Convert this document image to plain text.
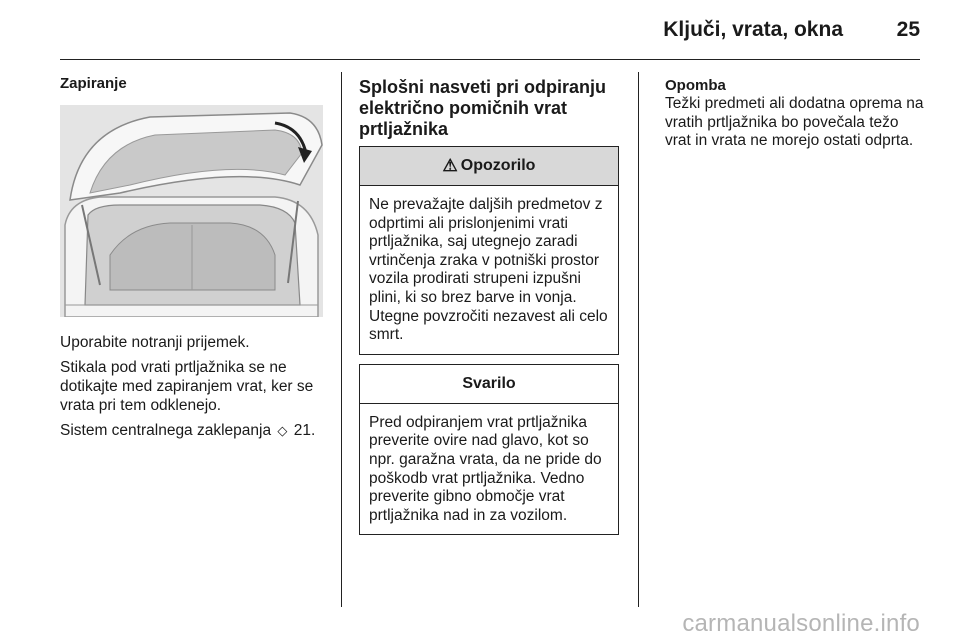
Ključi, vrata, okna	25

Zapiranje

Uporabite notranji prijemek.

Stikala pod vrati prtljažnika se ne dotikajte med zapiranjem vrat, ker se vrata pri tem odklenejo.

Sistem centralnega zaklepanja ◇ 21.

Splošni nasveti pri odpiranju električno pomičnih vrat prtljažnika

⚠ Opozorilo
Ne prevažajte daljših predmetov z odprtimi ali prislonjenimi vrati prtljažnika, saj utegnejo zaradi vrtinčenja zraka v potniški prostor vozila prodirati strupeni izpušni plini, ki so brez barve in vonja. Utegne povzročiti nezavest ali celo smrt.
Svarilo
Pred odpiranjem vrat prtljažnika preverite ovire nad glavo, kot so npr. garažna vrata, da ne pride do poškodb vrat prtljažnika. Vedno preverite gibno območje vrat prtljažnika nad in za vozilom.

Opomba

Težki predmeti ali dodatna oprema na vratih prtljažnika bo povečala težo vrat in vrata ne morejo ostati odprta.

carmanualsonline.info
